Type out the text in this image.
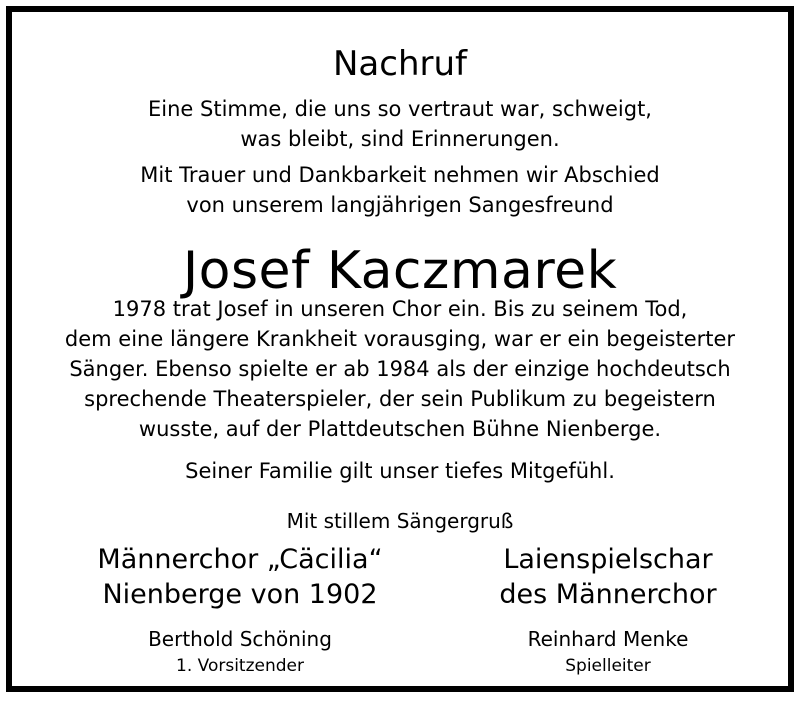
Nachruf
Eine Stimme, die uns so vertraut war, schweigt,
was bleibt, sind Erinnerungen.
Mit Trauer und Dankbarkeit nehmen wir Abschied
von unserem langjährigen Sangesfreund
Josef Kaczmarek
1978 trat Josef in unseren Chor ein. Bis zu seinem Tod,
dem eine längere Krankheit vorausging, war er ein begeisterter
Sänger. Ebenso spielte er ab 1984 als der einzige hochdeutsch
sprechende Theaterspieler, der sein Publikum zu begeistern
wusste, auf der Plattdeutschen Bühne Nienberge.
Seiner Familie gilt unser tiefes Mitgefühl.
Mit stillem Sängergruß
Männerchor „Cäcilia“
Nienberge von 1902
Berthold Schöning
1. Vorsitzender
Laienspielschar
des Männerchor
Reinhard Menke
Spielleiter
